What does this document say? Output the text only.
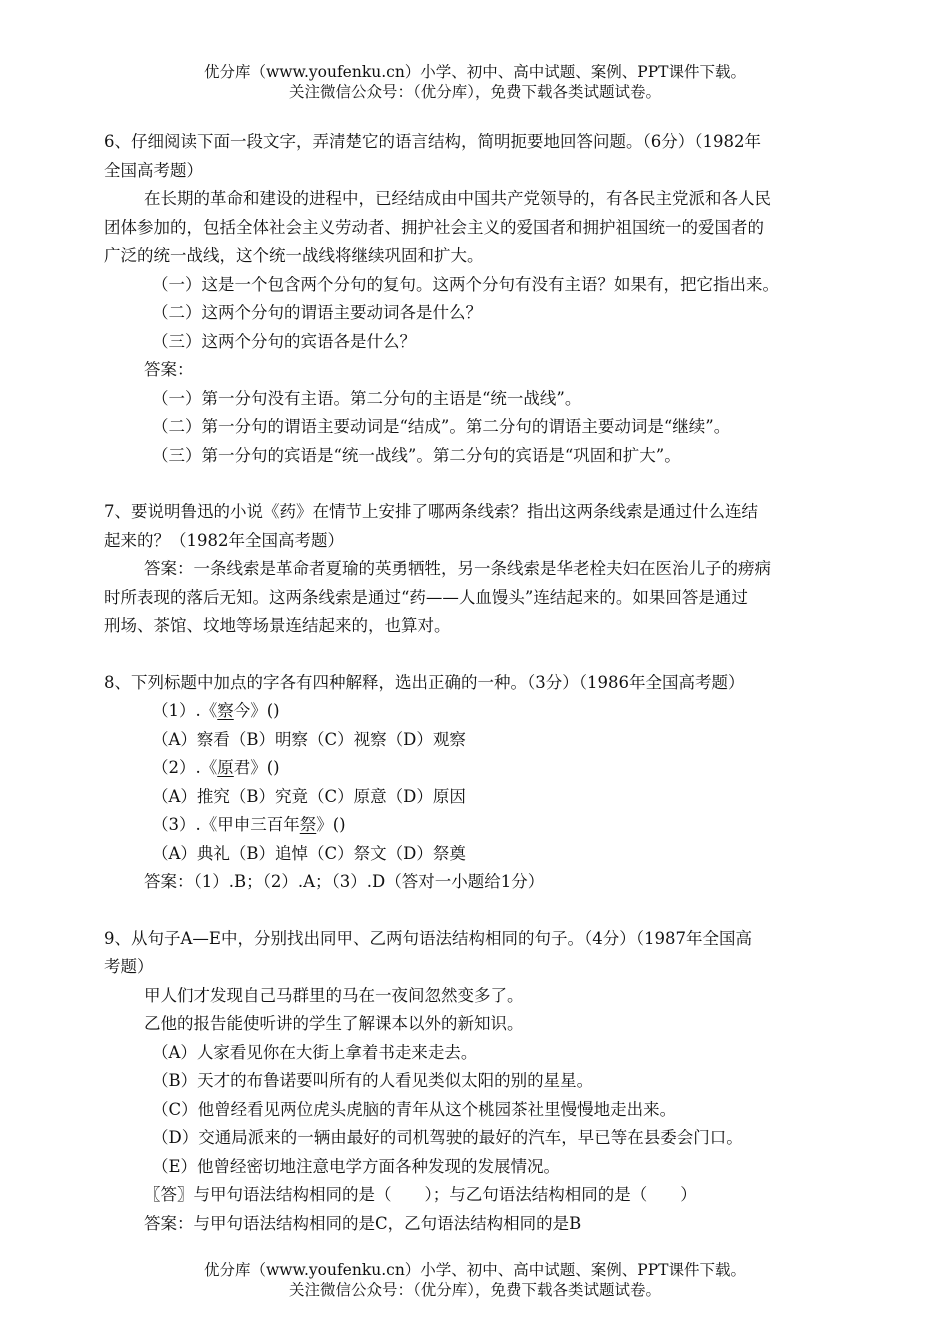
优分库（www.youfenku.cn）小学、初中、高中试题、案例、PPT课件下载。
关注微信公众号：（优分库），免费下载各类试题试卷。

6、仔细阅读下面一段文字，弄清楚它的语言结构，简明扼要地回答问题。（6分）（1982年

全国高考题）

在长期的革命和建设的进程中，已经结成由中国共产党领导的，有各民主党派和各人民

团体参加的，包括全体社会主义劳动者、拥护社会主义的爱国者和拥护祖国统一的爱国者的

广泛的统一战线，这个统一战线将继续巩固和扩大。

（一）这是一个包含两个分句的复句。这两个分句有没有主语？如果有，把它指出来。

（二）这两个分句的谓语主要动词各是什么？

（三）这两个分句的宾语各是什么？

答案：

（一）第一分句没有主语。第二分句的主语是“统一战线”。

（二）第一分句的谓语主要动词是“结成”。第二分句的谓语主要动词是“继续”。

（三）第一分句的宾语是“统一战线”。第二分句的宾语是“巩固和扩大”。

7、要说明鲁迅的小说《药》在情节上安排了哪两条线索？指出这两条线索是通过什么连结

起来的？（1982年全国高考题）

答案：一条线索是革命者夏瑜的英勇牺牲，另一条线索是华老栓夫妇在医治儿子的痨病

时所表现的落后无知。这两条线索是通过“药——人血馒头”连结起来的。如果回答是通过

刑场、茶馆、坟地等场景连结起来的，也算对。

8、下列标题中加点的字各有四种解释，选出正确的一种。（3分）（1986年全国高考题）

（1）.《察今》()

（A）察看（B）明察（C）视察（D）观察

（2）.《原君》()

（A）推究（B）究竟（C）原意（D）原因

（3）.《甲申三百年祭》()

（A）典礼（B）追悼（C）祭文（D）祭奠

答案：（1）.B；（2）.A；（3）.D（答对一小题给1分）

9、从句子A—E中，分别找出同甲、乙两句语法结构相同的句子。（4分）（1987年全国高

考题）

甲人们才发现自己马群里的马在一夜间忽然变多了。

乙他的报告能使听讲的学生了解课本以外的新知识。

（A）人家看见你在大街上拿着书走来走去。

（B）天才的布鲁诺要叫所有的人看见类似太阳的别的星星。

（C）他曾经看见两位虎头虎脑的青年从这个桃园茶社里慢慢地走出来。

（D）交通局派来的一辆由最好的司机驾驶的最好的汽车，早已等在县委会门口。

（E）他曾经密切地注意电学方面各种发现的发展情况。

〖答〗与甲句语法结构相同的是（　　）；与乙句语法结构相同的是（　　）

答案：与甲句语法结构相同的是C，乙句语法结构相同的是B

优分库（www.youfenku.cn）小学、初中、高中试题、案例、PPT课件下载。
关注微信公众号：（优分库），免费下载各类试题试卷。
